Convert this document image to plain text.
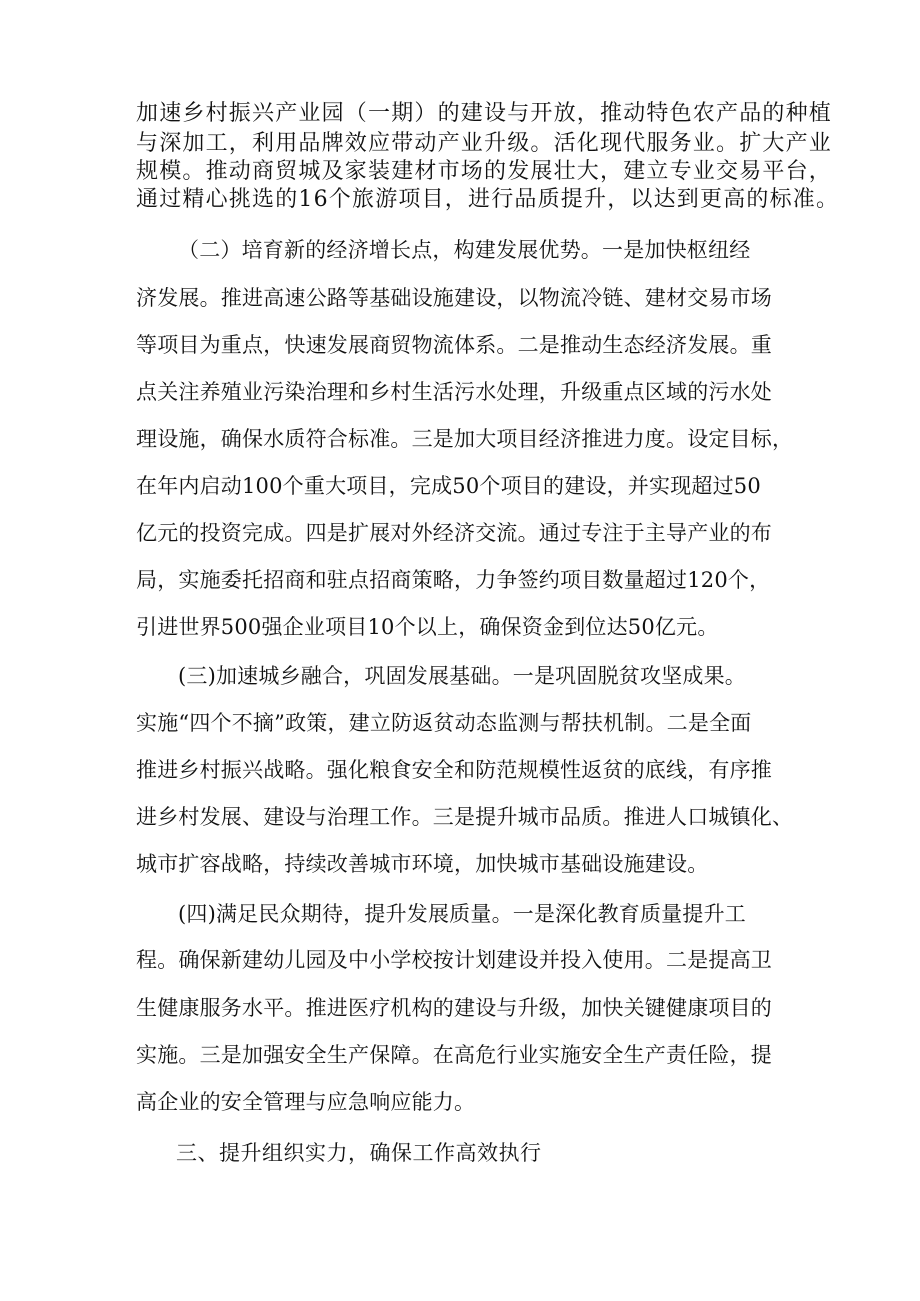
加速乡村振兴产业园（一期）的建设与开放，推动特色农产品的种植

与深加工，利用品牌效应带动产业升级。活化现代服务业。扩大产业

规模。推动商贸城及家装建材市场的发展壮大，建立专业交易平台，

通过精心挑选的16个旅游项目，进行品质提升，以达到更高的标准。

（二）培育新的经济增长点，构建发展优势。一是加快枢纽经

济发展。推进高速公路等基础设施建设，以物流冷链、建材交易市场

等项目为重点，快速发展商贸物流体系。二是推动生态经济发展。重

点关注养殖业污染治理和乡村生活污水处理，升级重点区域的污水处

理设施，确保水质符合标准。三是加大项目经济推进力度。设定目标，

在年内启动100个重大项目，完成50个项目的建设，并实现超过50

亿元的投资完成。四是扩展对外经济交流。通过专注于主导产业的布

局，实施委托招商和驻点招商策略，力争签约项目数量超过120个，

引进世界500强企业项目10个以上，确保资金到位达50亿元。

(三)加速城乡融合，巩固发展基础。一是巩固脱贫攻坚成果。

实施“四个不摘”政策，建立防返贫动态监测与帮扶机制。二是全面

推进乡村振兴战略。强化粮食安全和防范规模性返贫的底线，有序推

进乡村发展、建设与治理工作。三是提升城市品质。推进人口城镇化、

城市扩容战略，持续改善城市环境，加快城市基础设施建设。

(四)满足民众期待，提升发展质量。一是深化教育质量提升工

程。确保新建幼儿园及中小学校按计划建设并投入使用。二是提高卫

生健康服务水平。推进医疗机构的建设与升级，加快关键健康项目的

实施。三是加强安全生产保障。在高危行业实施安全生产责任险，提

高企业的安全管理与应急响应能力。

三、提升组织实力，确保工作高效执行
